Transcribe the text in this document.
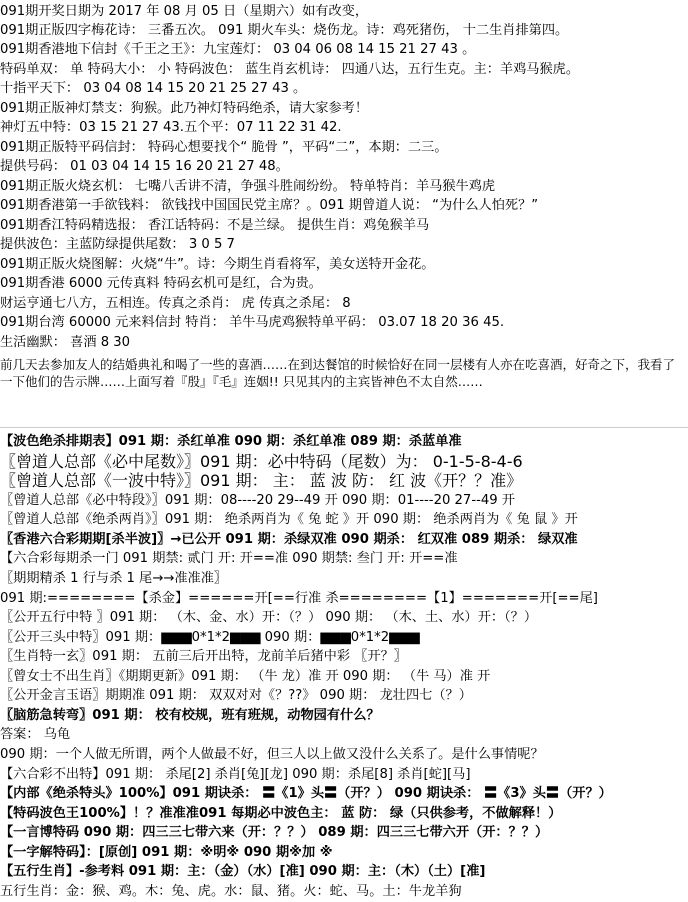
091期开奖日期为 2017 年 08 月 05 日（星期六）如有改变，
091期正版四字梅花诗： 三番五次。 091 期火车头：烧伤龙。诗：鸡死猪伤， 十二生肖排第四。
091期香港地下信封《千王之王》：九宝莲灯： 03 04 06 08 14 15 21 27 43 。
特码单双： 单 特码大小： 小 特码波色： 蓝生肖玄机诗： 四通八达，五行生克。主：羊鸡马猴虎。
十指平天下： 03 04 08 14 15 20 21 25 27 43 。
091期正版神灯禁支：狗猴。此乃神灯特码绝杀，请大家参考！
神灯五中特：03 15 21 27 43.五个平：07 11 22 31 42.
091期正版特平码信封： 特码心想要找个“ 脆骨 ”，平码“二”，本期：二三。
提供号码： 01 03 04 14 15 16 20 21 27 48。
091期正版火烧玄机： 七嘴八舌讲不清，争强斗胜闹纷纷。 特单特肖：羊马猴牛鸡虎
091期香港第一手欲钱料： 欲钱找中国国民党主席？。091 期曾道人说： “为什么人怕死？”
091期香江特码精选报： 香江话特码：不是兰绿。 提供生肖：鸡兔猴羊马
提供波色：主蓝防绿提供尾数： 3 0 5 7
091期正版火烧图解：火烧“牛”。诗：今期生肖看将军，美女送特开金花。
091期香港 6000 元传真料 特码玄机可是红，合为贵。
财运亨通七八方，五相连。传真之杀肖： 虎 传真之杀尾： 8
091期台湾 60000 元来料信封 特肖： 羊牛马虎鸡猴特单平码： 03.07 18 20 36 45.
生活幽默： 喜酒 8 30
前几天去参加友人的结婚典礼和喝了一些的喜酒……在到达餐馆的时候恰好在同一层楼有人亦在吃喜酒，好奇之下，我看了一下他们的告示牌……上面写着『殷』『毛』连姻!! 只见其内的主宾皆神色不太自然……
【波色绝杀排期表】091 期：杀红单准 090 期：杀红单准 089 期：杀蓝单准
〖曾道人总部《必中尾数》〗091 期：必中特码（尾数）为： 0-1-5-8-4-6
〖曾道人总部《一波中特》〗091 期： 主： 蓝 波 防： 红 波《开？？准》
〖曾道人总部《必中特段》〗091 期：08----20 29--49 开 090 期：01----20 27--49 开
〖曾道人总部《绝杀两肖》〗091 期： 绝杀两肖为《 兔 蛇 》开 090 期： 绝杀两肖为《 兔 鼠 》开
〖香港六合彩期期[杀半波]〗→已公开 091 期：杀绿双准 090 期杀： 红双准 089 期杀： 绿双准
【六合彩每期杀一门 091 期禁: 贰门 开: 开==准 090 期禁: 叁门 开: 开==准
〖期期精杀 1 行与杀 1 尾→→准准准〗
091 期:========【杀金】======开[==行准 杀========【1】=======开[==尾]
〖公开五行中特 〗091 期： （木、金、水）开：（？） 090 期： （木、土、水）开：（？）
〖公开三头中特〗091 期：▆▆▆0*1*2▆▆▆ 090 期：▆▆▆0*1*2▆▆▆
〖生肖特一玄〗091 期： 五前三后开出特，龙前羊后猪中彩 〖开？〗
〖曾女士不出生肖〗《期期更新》091 期： （牛 龙）准 开 090 期： （牛 马）准 开
〖公开金言玉语〗期期准 091 期： 双双对对《？??》 090 期： 龙壮四七（？）
〖脑筋急转弯〗091 期： 校有校规，班有班规，动物园有什么？
答案： 乌龟
090 期：一个人做无所谓，两个人做最不好，但三人以上做又没什么关系了。是什么事情呢？
【六合彩不出特】091 期： 杀尾[2] 杀肖[兔][龙] 090 期：杀尾[8] 杀肖[蛇][马]
【内部《绝杀特头》100%】091 期诀杀： 〓《1》头〓（开？） 090 期诀杀： 〓《3》头〓（开？）
【特码波色王100%】！？准准准091 每期必中波色主： 蓝 防： 绿（只供参考，不做解释！）
【一言博特码 090 期：四三三七带六来（开：？？） 089 期：四三三七带六开（开：？？）
【一字解特码】：[原创] 091 期：※明※ 090 期※加 ※
【五行生肖】-参考料 091 期：主：（金）（水）[准] 090 期：主：（木）（土）[准]
五行生肖：金：猴、鸡。木：兔、虎。水：鼠、猪。火：蛇、马。土：牛龙羊狗
